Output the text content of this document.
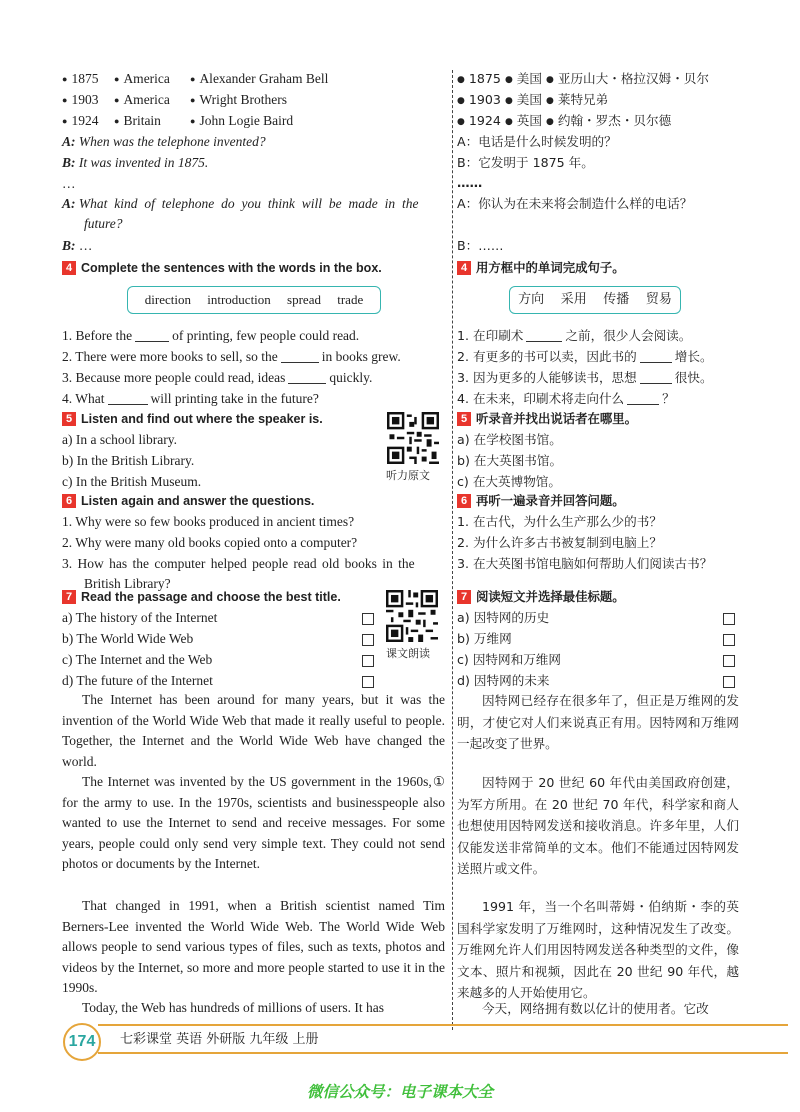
● 1875 ● America ● Alexander Graham Bell
● 1903 ● America ● Wright Brothers
● 1924 ● Britain	● John Logie Baird
A: When was the telephone invented?
B: It was invented in 1875.
…
A: What kind of telephone do you think will be made in the
future?
B: …
4 Complete the sentences with the words in the box.
direction introduction spread trade
1. Before the	of printing, few people could read.
2. There were more books to sell, so the	in books grew.
3. Because more people could read, ideas	quickly.
4. What	will printing take in the future?
5 Listen and find out where the speaker is.
a) In a school library.
b) In the British Library.
c) In the British Museum.	听力原文
6 Listen again and answer the questions.
1. Why were so few books produced in ancient times?
2. Why were many old books copied onto a computer?
3. How has the computer helped people read old books in the
British Library?
7 Read the passage and choose the best title.
a) The history of the Internet
b) The World Wide Web
c) The Internet and the Web
d) The future of the Internet
课文朗读
The Internet has been around for many years, but it was the invention of the World Wide Web that made it really useful to people. Together, the Internet and the World Wide Web have changed the world.
The Internet was invented by the US government in the 1960s,① for the army to use. In the 1970s, scientists and businesspeople also wanted to use the Internet to send and receive messages. For some years, people could only send very simple text. They could not send photos or documents by the Internet.
That changed in 1991, when a British scientist named Tim Berners-Lee invented the World Wide Web. The World Wide Web allows people to send various types of files, such as texts, photos and videos by the Internet, so more and more people started to use it in the 1990s.
Today, the Web has hundreds of millions of users. It has
● 1875 ● 美国 ● 亚历山大・格拉汉姆・贝尔
● 1903 ● 美国 ● 莱特兄弟
● 1924 ● 英国 ● 约翰・罗杰・贝尔德
A：电话是什么时候发明的？
B：它发明于 1875 年。
……
A：你认为在未来将会制造什么样的电话？
B：……
4 用方框中的单词完成句子。
方向 采用 传播 贸易
1. 在印刷术	之前，很少人会阅读。
2. 有更多的书可以卖，因此书的	增长。
3. 因为更多的人能够读书，思想	很快。
4. 在未来，印刷术将走向什么	？
5 听录音并找出说话者在哪里。
a) 在学校图书馆。
b) 在大英图书馆。
c) 在大英博物馆。
6 再听一遍录音并回答问题。
1. 在古代，为什么生产那么少的书？
2. 为什么许多古书被复制到电脑上？
3. 在大英图书馆电脑如何帮助人们阅读古书？
7 阅读短文并选择最佳标题。
a) 因特网的历史
b) 万维网
c) 因特网和万维网
d) 因特网的未来
因特网已经存在很多年了，但正是万维网的发明，才使它对人们来说真正有用。因特网和万维网一起改变了世界。
因特网于 20 世纪 60 年代由美国政府创建，为军方所用。在 20 世纪 70 年代，科学家和商人也想使用因特网发送和接收消息。许多年里，人们仅能发送非常简单的文本。他们不能通过因特网发送照片或文件。
1991 年，当一个名叫蒂姆・伯纳斯・李的英国科学家发明了万维网时，这种情况发生了改变。万维网允许人们用因特网发送各种类型的文件，像文本、照片和视频，因此在 20 世纪 90 年代，越来越多的人开始使用它。
今天，网络拥有数以亿计的使用者。它改
174 七彩课堂 英语 外研版 九年级 上册
微信公众号：电子课本大全
